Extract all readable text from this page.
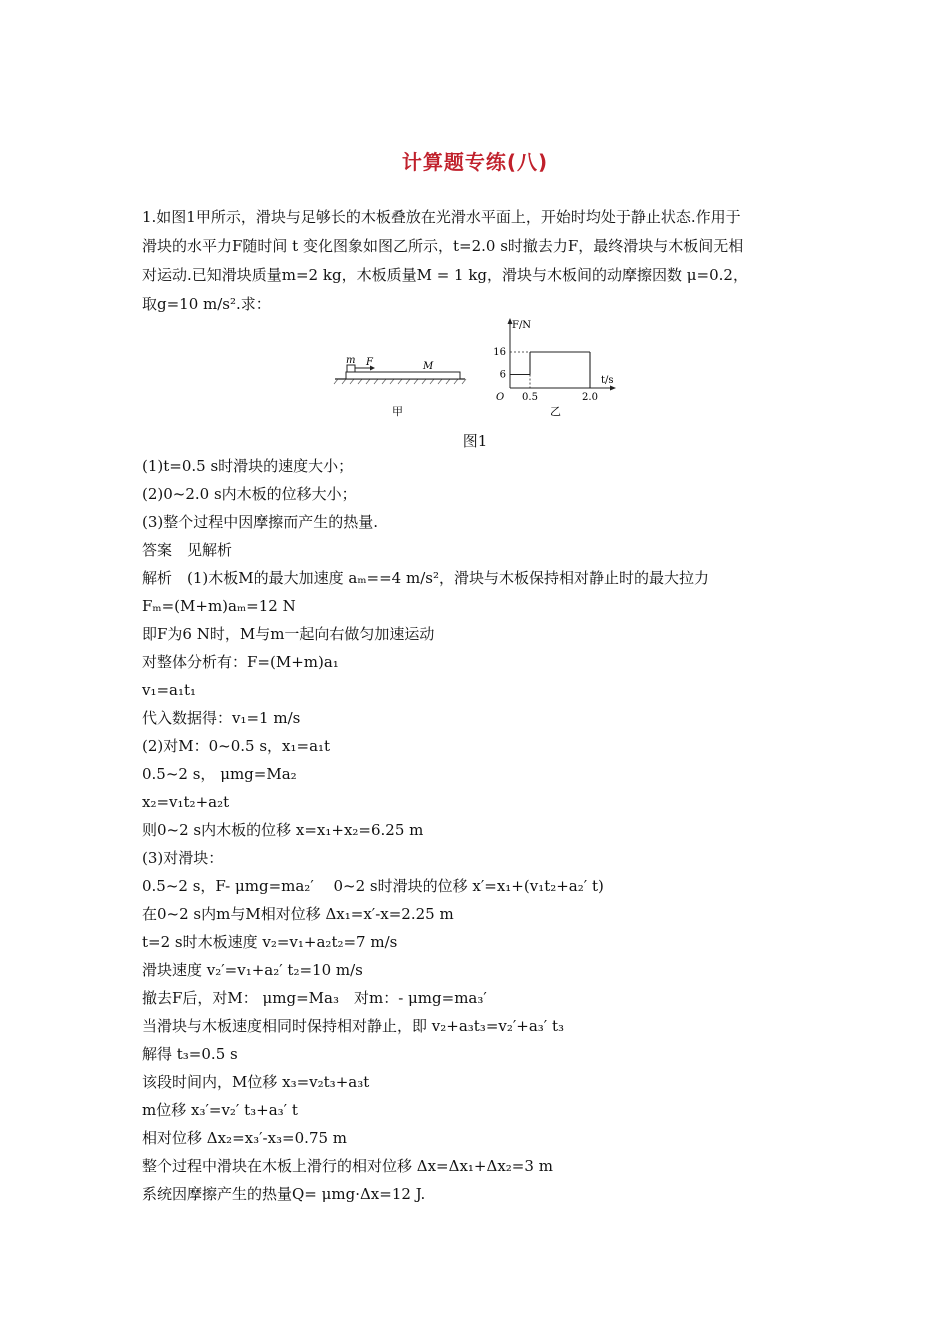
计算题专练(八)

1.如图1甲所示，滑块与足够长的木板叠放在光滑水平面上，开始时均处于静止状态.作用于

滑块的水平力F随时间 t 变化图象如图乙所示，t=2.0 s时撤去力F，最终滑块与木板间无相

对运动.已知滑块质量m=2 kg，木板质量M = 1 kg，滑块与木板间的动摩擦因数 μ=0.2，

取g=10 m/s².求：

m F	M
甲
F/N
t/s
O
16
6
0.5	2.0
乙
图1
(1)t=0.5 s时滑块的速度大小；
(2)0~2.0 s内木板的位移大小；
(3)整个过程中因摩擦而产生的热量.
答案　见解析
解析　(1)木板M的最大加速度 aₘ==4 m/s²，滑块与木板保持相对静止时的最大拉力
Fₘ=(M+m)aₘ=12 N
即F为6 N时，M与m一起向右做匀加速运动
对整体分析有：F=(M+m)a₁
v₁=a₁t₁
代入数据得：v₁=1 m/s
(2)对M：0~0.5 s，x₁=a₁t
0.5~2 s， μmg=Ma₂
x₂=v₁t₂+a₂t
则0~2 s内木板的位移 x=x₁+x₂=6.25 m
(3)对滑块：
0.5~2 s，F- μmg=ma₂′　 0~2 s时滑块的位移 x′=x₁+(v₁t₂+a₂′ t)
在0~2 s内m与M相对位移 Δx₁=x′-x=2.25 m
t=2 s时木板速度 v₂=v₁+a₂t₂=7 m/s
滑块速度 v₂′=v₁+a₂′ t₂=10 m/s
撤去F后，对M： μmg=Ma₃　对m：- μmg=ma₃′
当滑块与木板速度相同时保持相对静止，即 v₂+a₃t₃=v₂′+a₃′ t₃
解得 t₃=0.5 s
该段时间内，M位移 x₃=v₂t₃+a₃t
m位移 x₃′=v₂′ t₃+a₃′ t
相对位移 Δx₂=x₃′-x₃=0.75 m
整个过程中滑块在木板上滑行的相对位移 Δx=Δx₁+Δx₂=3 m
系统因摩擦产生的热量Q= μmg·Δx=12 J.
